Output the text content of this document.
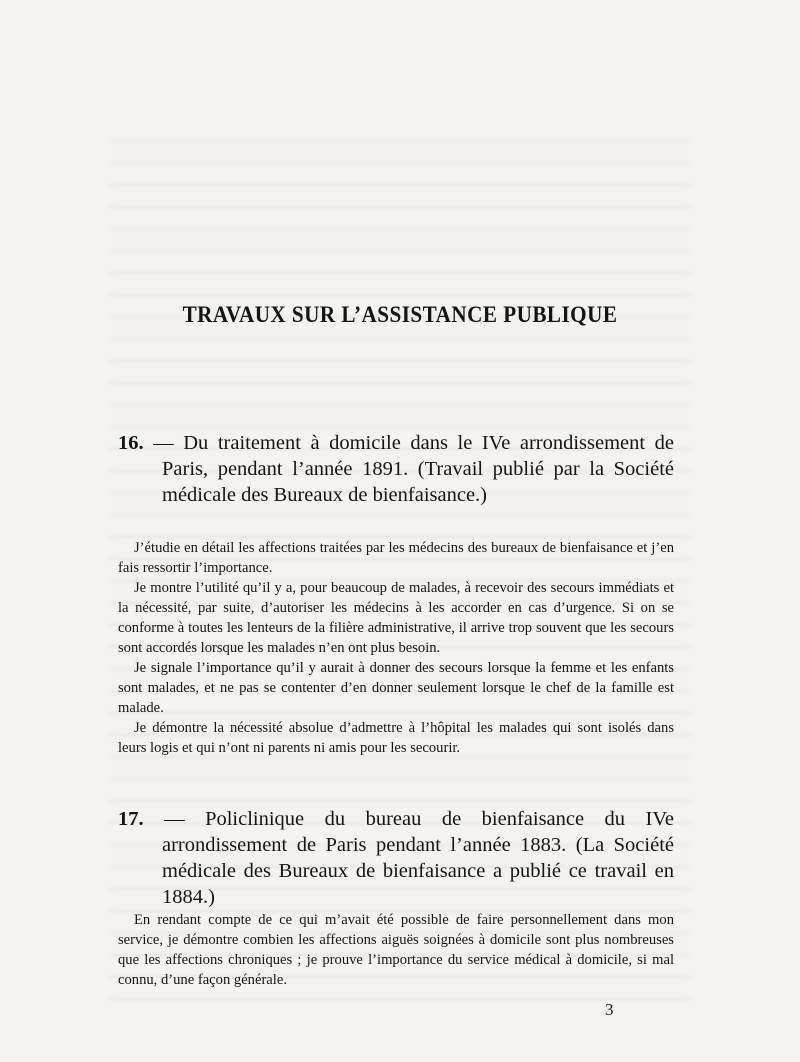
TRAVAUX SUR L’ASSISTANCE PUBLIQUE
16. — Du traitement à domicile dans le IVe arrondissement de Paris, pendant l’année 1891. (Travail publié par la Société médicale des Bureaux de bienfaisance.)

J’étudie en détail les affections traitées par les médecins des bureaux de bienfaisance et j’en fais ressortir l’importance.

Je montre l’utilité qu’il y a, pour beaucoup de malades, à recevoir des secours immédiats et la nécessité, par suite, d’autoriser les médecins à les accorder en cas d’urgence. Si on se conforme à toutes les lenteurs de la filière administrative, il arrive trop souvent que les secours sont accordés lorsque les malades n’en ont plus besoin.

Je signale l’importance qu’il y aurait à donner des secours lorsque la femme et les enfants sont malades, et ne pas se contenter d’en donner seulement lorsque le chef de la famille est malade.

Je démontre la nécessité absolue d’admettre à l’hôpital les malades qui sont isolés dans leurs logis et qui n’ont ni parents ni amis pour les secourir.

17. — Policlinique du bureau de bienfaisance du IVe arrondissement de Paris pendant l’année 1883. (La Société médicale des Bureaux de bienfaisance a publié ce travail en 1884.)

En rendant compte de ce qui m’avait été possible de faire personnellement dans mon service, je démontre combien les affections aiguës soignées à domicile sont plus nombreuses que les affections chroniques ; je prouve l’importance du service médical à domicile, si mal connu, d’une façon générale.

3
